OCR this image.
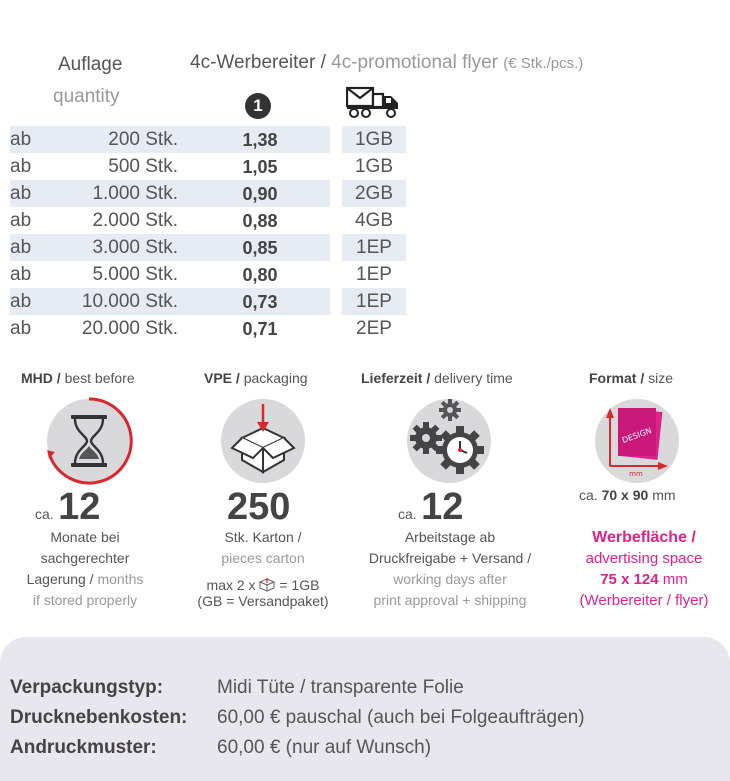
Auflage
quantity
4c-Werbereiter / 4c-promotional flyer (€ Stk./pcs.)
1
ab	200 Stk.	1,38	1GB
ab	500 Stk.	1,05	1GB
ab	1.000 Stk.	0,90	2GB
ab	2.000 Stk.	0,88	4GB
ab	3.000 Stk.	0,85	1EP
ab	5.000 Stk.	0,80	1EP
ab	10.000 Stk.	0,73	1EP
ab	20.000 Stk.	0,71	2EP
MHD / best before
ca. 12
Monate bei
sachgerechter
Lagerung / months
if stored properly
VPE / packaging
250
Stk. Karton /
pieces carton
max 2 x = 1GB
(GB = Versandpaket)
Lieferzeit / delivery time
ca. 12
Arbeitstage ab
Druckfreigabe + Versand /
working days after
print approval + shipping
Format / size
DESIGN
mm
ca. 70 x 90 mm
Werbefläche /
advertising space
75 x 124 mm
(Werbereiter / flyer)
Verpackungstyp:	Midi Tüte / transparente Folie
Drucknebenkosten: 60,00 € pauschal (auch bei Folgeaufträgen)
Andruckmuster:	60,00 € (nur auf Wunsch)
